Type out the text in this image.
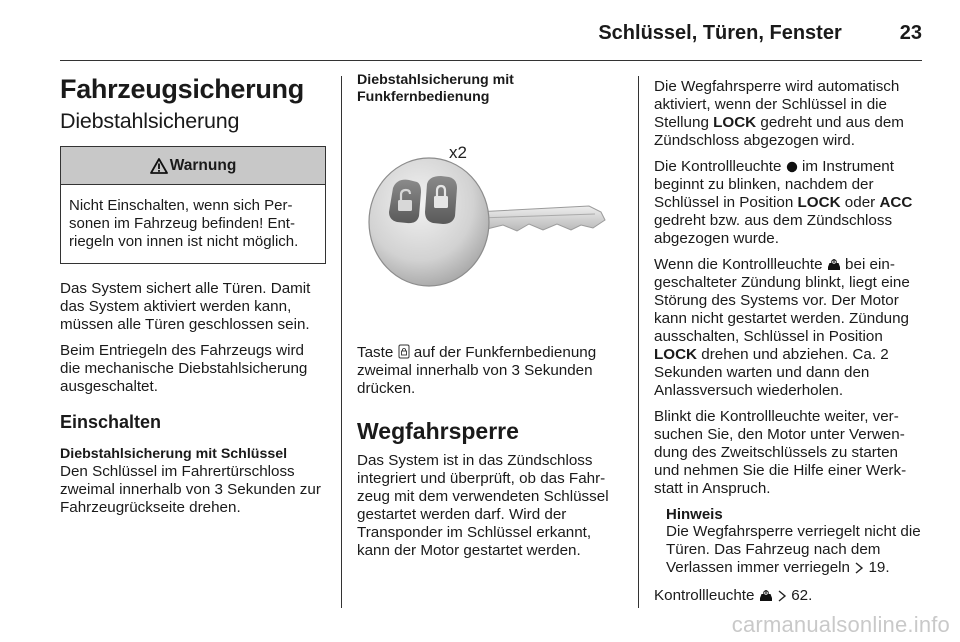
Schlüssel, Türen, Fenster	23
Fahrzeugsicherung
Diebstahlsicherung
Warnung
Nicht Einschalten, wenn sich Personen im Fahrzeug befinden! Entriegeln von innen ist nicht möglich.
Das System sichert alle Türen. Damit das System aktiviert werden kann, müssen alle Türen geschlossen sein.
Beim Entriegeln des Fahrzeugs wird die mechanische Diebstahlsicherung ausgeschaltet.
Einschalten
Diebstahlsicherung mit Schlüssel
Den Schlüssel im Fahrertürschloss zweimal innerhalb von 3 Sekunden zur Fahrzeugrückseite drehen.
Diebstahlsicherung mit Funkfernbedienung
x2
Taste auf der Funkfernbedienung zweimal innerhalb von 3 Sekunden drücken.
Wegfahrsperre
Das System ist in das Zündschloss integriert und überprüft, ob das Fahrzeug mit dem verwendeten Schlüssel gestartet werden darf. Wird der Transponder im Schlüssel erkannt, kann der Motor gestartet werden.
Die Wegfahrsperre wird automatisch aktiviert, wenn der Schlüssel in die Stellung LOCK gedreht und aus dem Zündschloss abgezogen wird.
Die Kontrollleuchte im Instrument beginnt zu blinken, nachdem der Schlüssel in Position LOCK oder ACC gedreht bzw. aus dem Zündschloss abgezogen wurde.
Wenn die Kontrollleuchte bei eingeschalteter Zündung blinkt, liegt eine Störung des Systems vor. Der Motor kann nicht gestartet werden. Zündung ausschalten, Schlüssel in Position LOCK drehen und abziehen. Ca. 2 Sekunden warten und dann den Anlassversuch wiederholen.
Blinkt die Kontrollleuchte weiter, versuchen Sie, den Motor unter Verwendung des Zweitschlüssels zu starten und nehmen Sie die Hilfe einer Werkstatt in Anspruch.
Hinweis
Die Wegfahrsperre verriegelt nicht die Türen. Das Fahrzeug nach dem Verlassen immer verriegeln 19.
Kontrollleuchte 62.
carmanualsonline.info
